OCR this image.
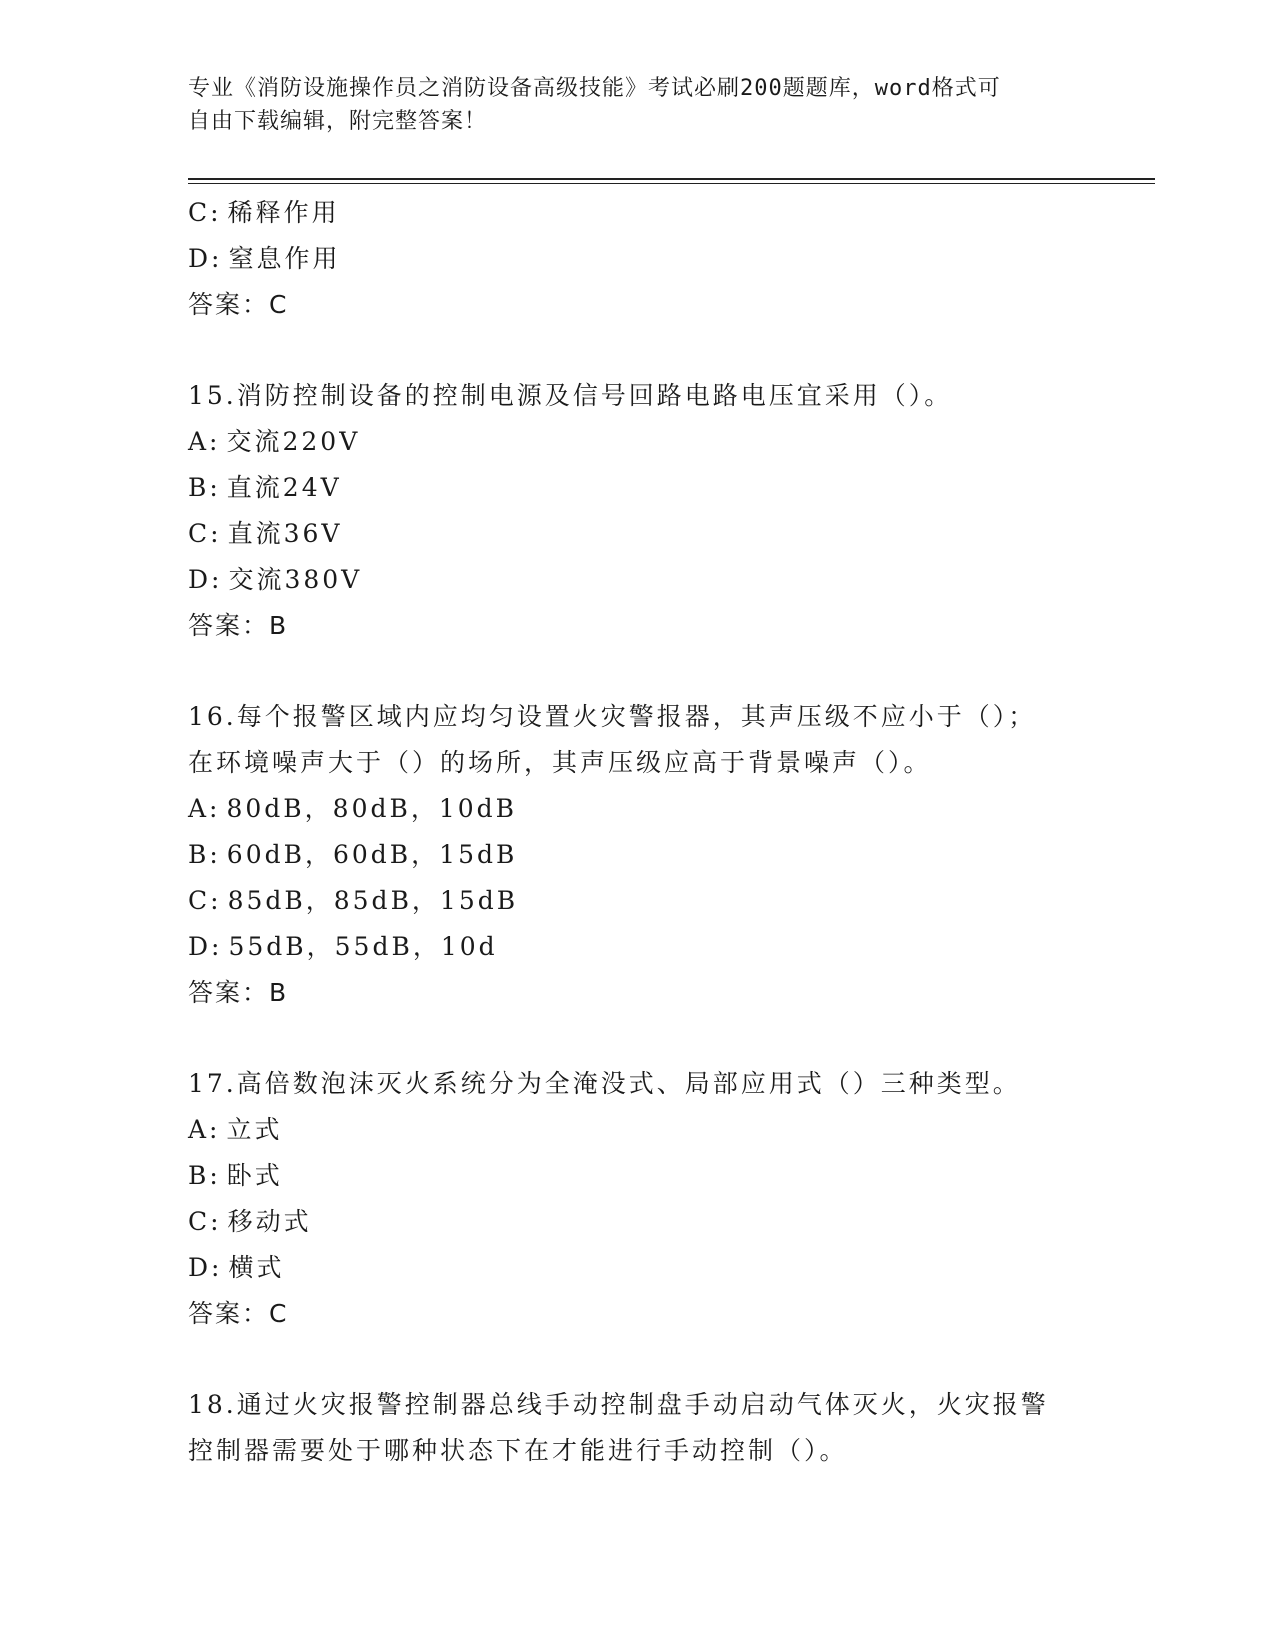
专业《消防设施操作员之消防设备高级技能》考试必刷200题题库，word格式可
自由下载编辑，附完整答案！
C: 稀释作用
D: 窒息作用
答案：C
15.消防控制设备的控制电源及信号回路电路电压宜采用（）。
A: 交流220V
B: 直流24V
C: 直流36V
D: 交流380V
答案：B
16.每个报警区域内应均匀设置火灾警报器，其声压级不应小于（）；
在环境噪声大于（）的场所，其声压级应高于背景噪声（）。
A: 80dB，80dB，10dB
B: 60dB，60dB，15dB
C: 85dB，85dB，15dB
D: 55dB，55dB，10d
答案：B
17.高倍数泡沫灭火系统分为全淹没式、局部应用式（）三种类型。
A: 立式
B: 卧式
C: 移动式
D: 横式
答案：C
18.通过火灾报警控制器总线手动控制盘手动启动气体灭火，火灾报警
控制器需要处于哪种状态下在才能进行手动控制（）。
